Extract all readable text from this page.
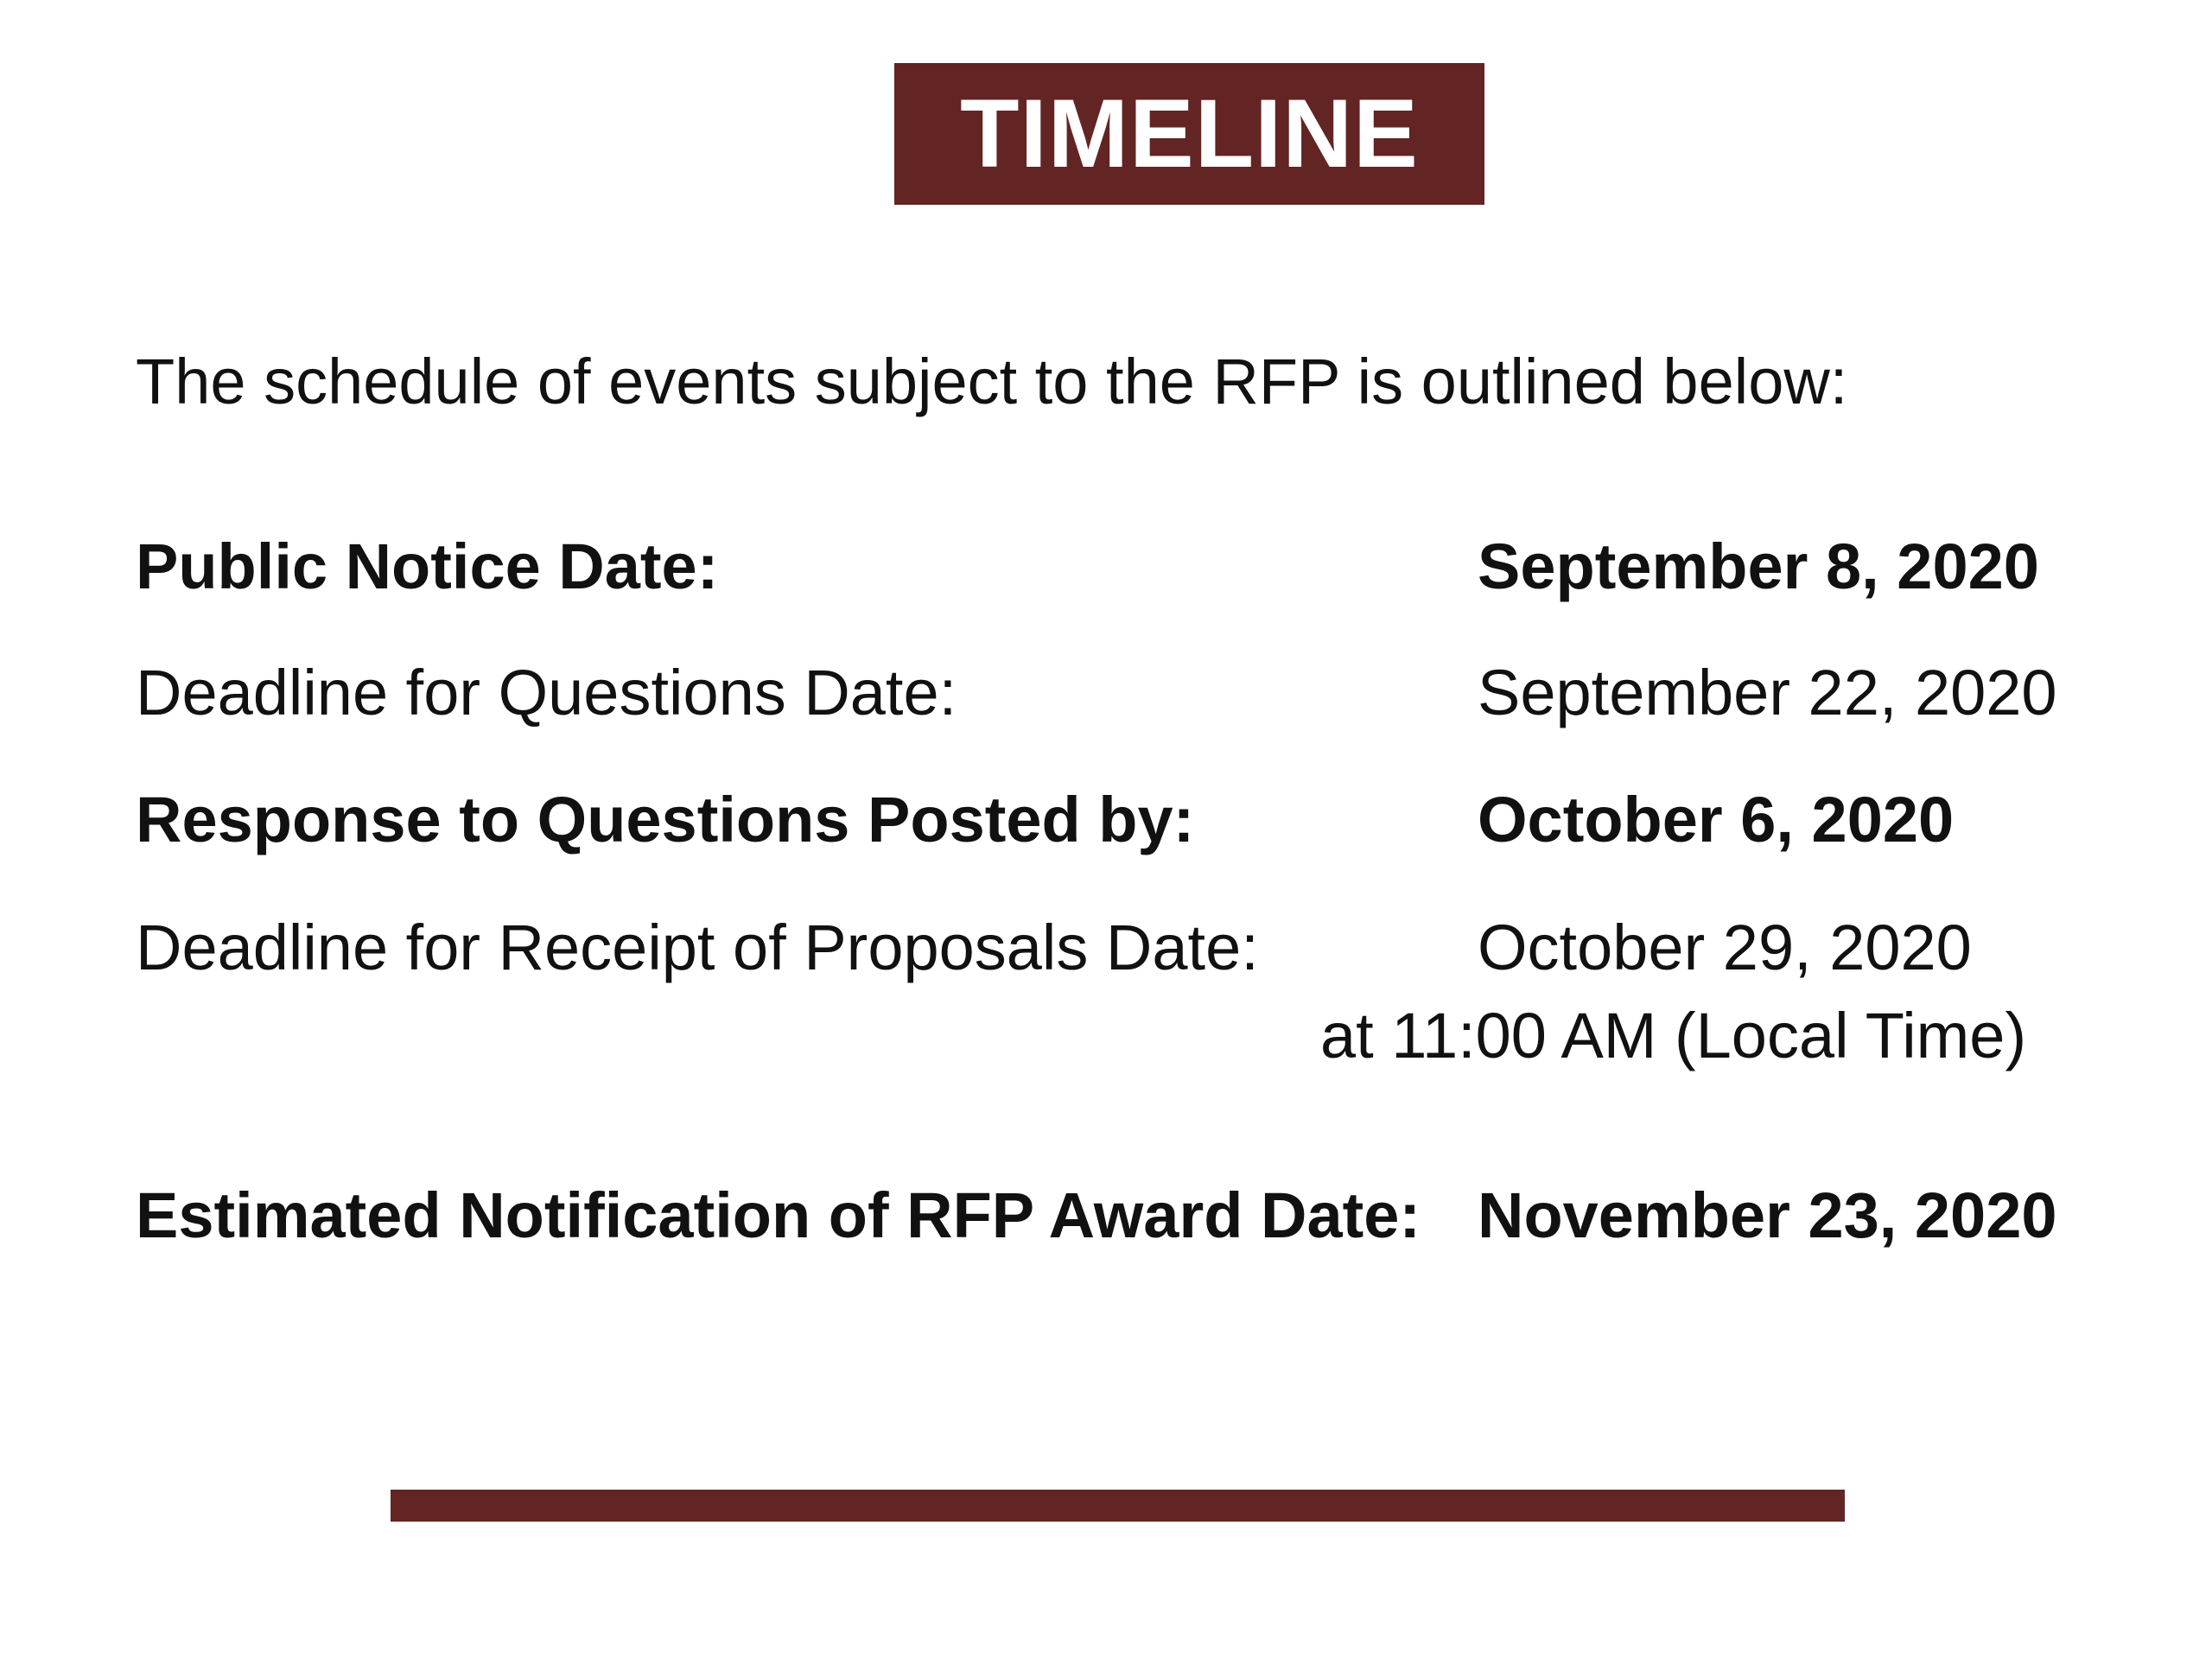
TIMELINE
The schedule of events subject to the RFP is outlined below:
Public Notice Date:	September 8, 2020
Deadline for Questions Date:	September 22, 2020
Response to Questions Posted by:	October 6, 2020
Deadline for Receipt of Proposals Date:	October 29, 2020
at 11:00 AM (Local Time)
Estimated Notification of RFP Award Date: November 23, 2020
